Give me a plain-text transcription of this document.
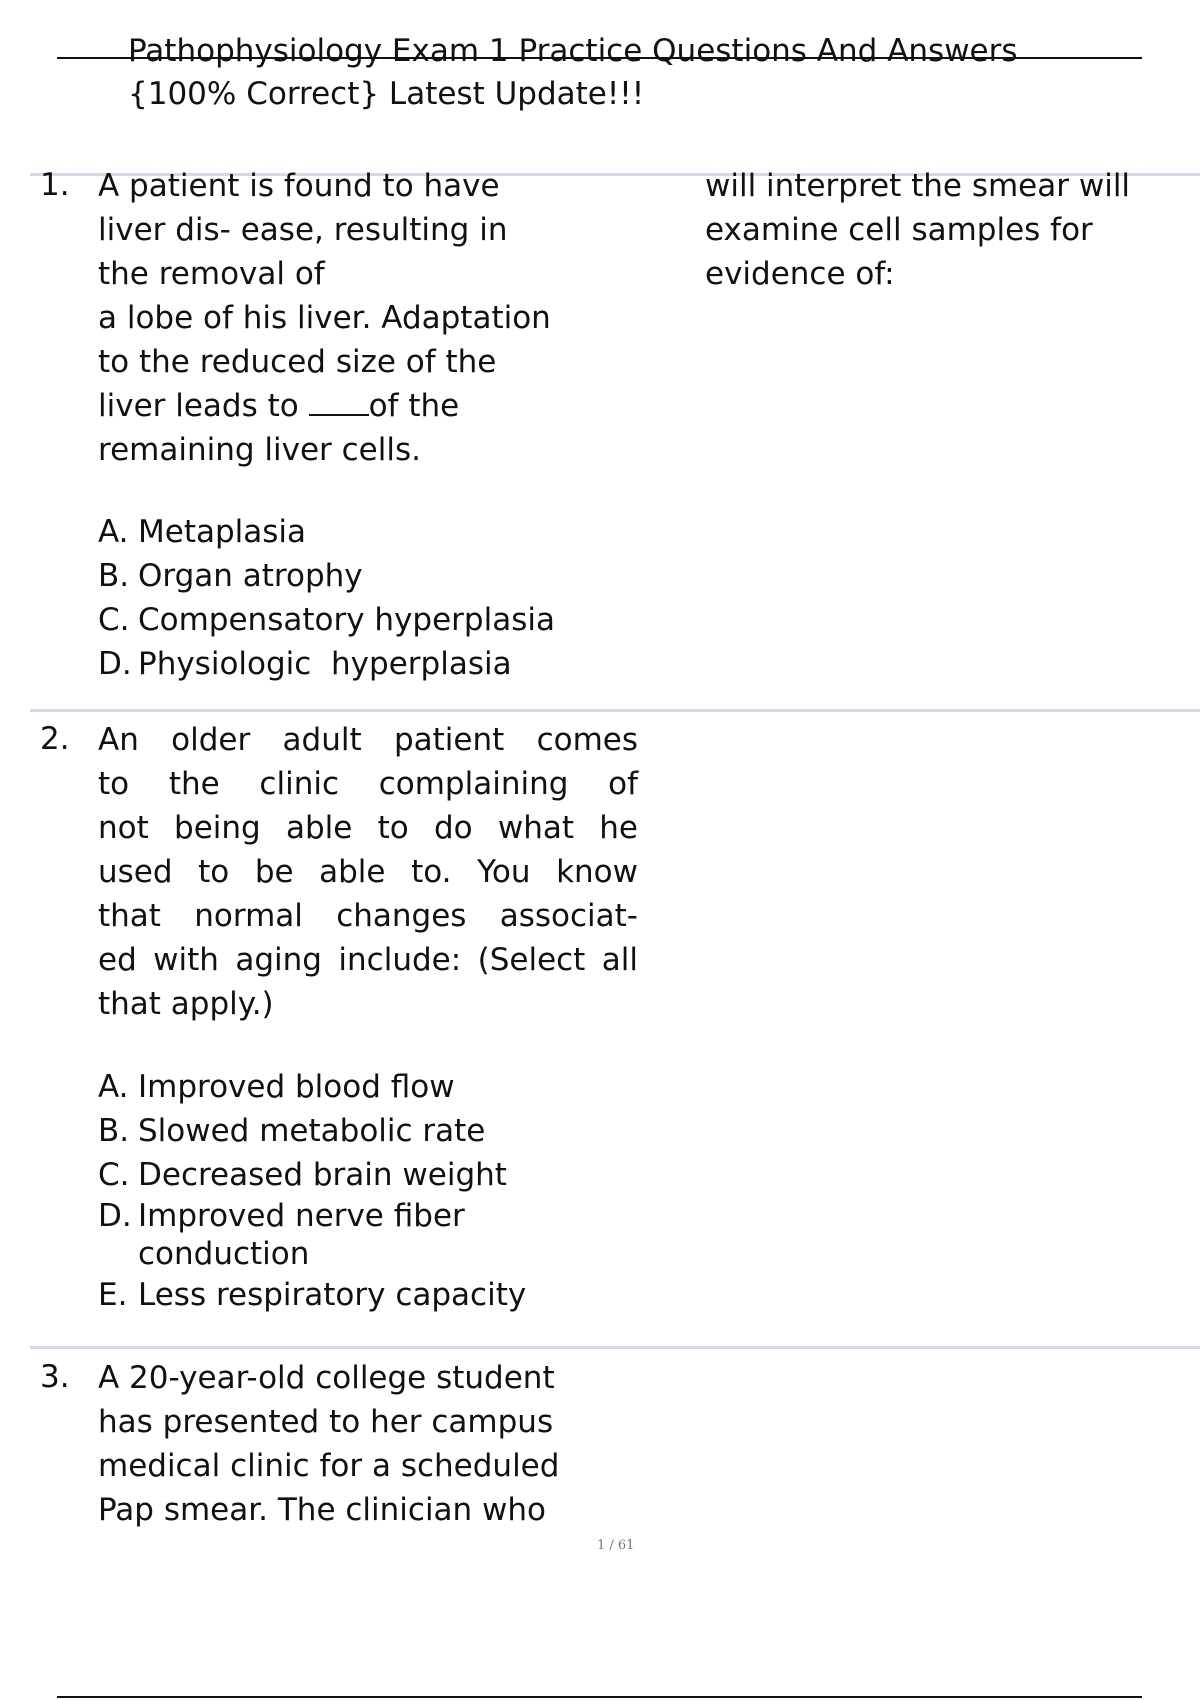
Pathophysiology Exam 1 Practice Questions And Answers
{100% Correct} Latest Update!!!
1. A patient is found to have
liver dis- ease, resulting in
the removal of
a lobe of his liver. Adaptation
to the reduced size of the
liver leads to of the
remaining liver cells.
A. Metaplasia
B. Organ atrophy
C. Compensatory hyperplasia
D. Physiologic  hyperplasia
will interpret the smear will
examine cell samples for
evidence of:
2. An older adult patient comes
to the clinic complaining of
not being able to do what he
used to be able to. You know
that normal changes associat-
ed with aging include: (Select all
that apply.)
A. Improved blood flow
B. Slowed metabolic rate
C. Decreased brain weight
D. Improved nerve fiber
conduction
E. Less respiratory capacity
3. A 20-year-old college student
has presented to her campus
medical clinic for a scheduled
Pap smear. The clinician who
1 / 61
